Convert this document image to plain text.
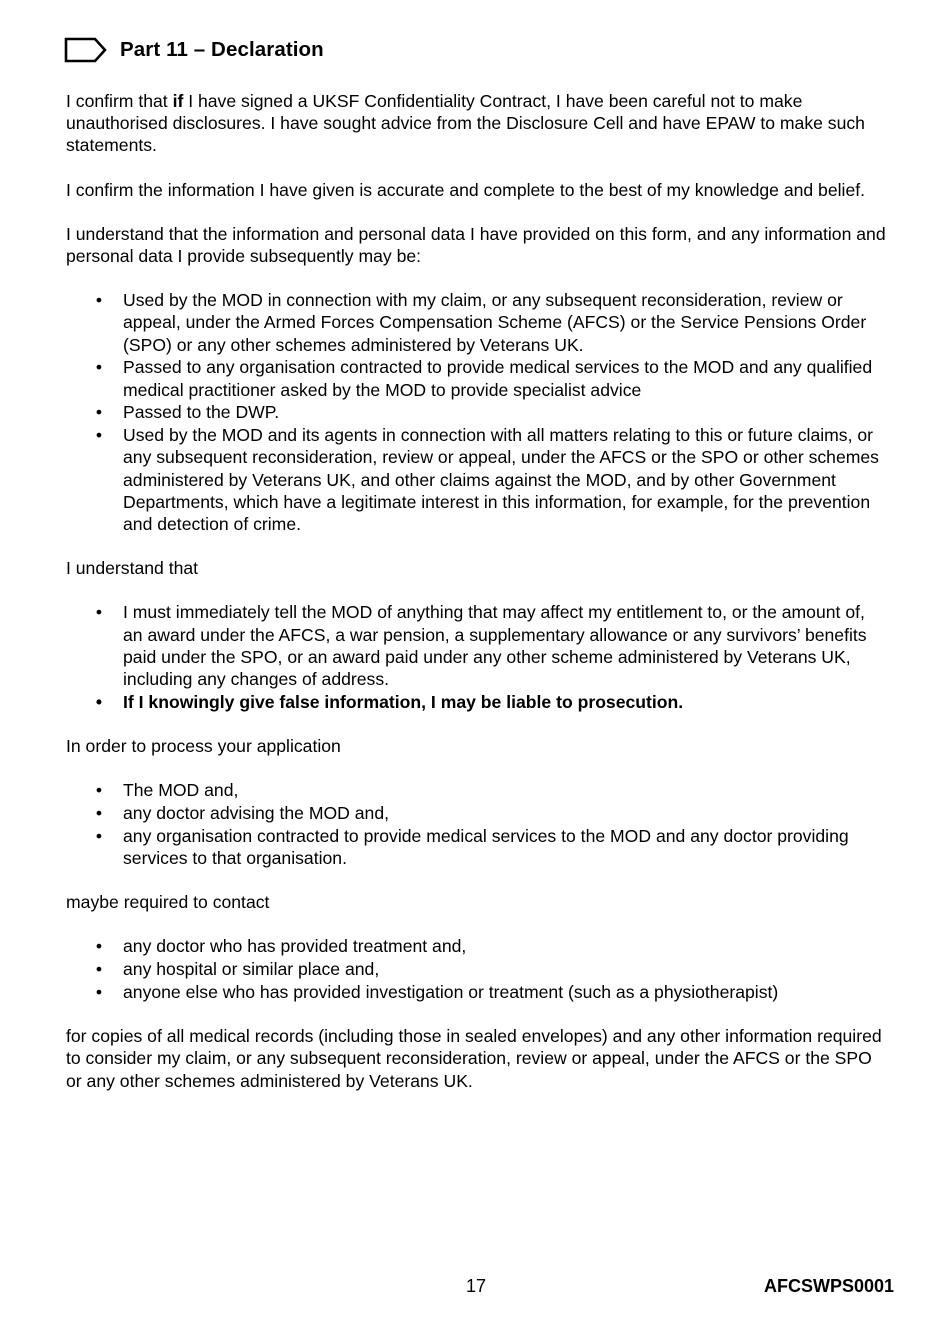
Part 11 – Declaration

I confirm that if I have signed a UKSF Confidentiality Contract, I have been careful not to make unauthorised disclosures. I have sought advice from the Disclosure Cell and have EPAW to make such statements.

I confirm the information I have given is accurate and complete to the best of my knowledge and belief.

I understand that the information and personal data I have provided on this form, and any information and personal data I provide subsequently may be:

• Used by the MOD in connection with my claim, or any subsequent reconsideration, review or appeal, under the Armed Forces Compensation Scheme (AFCS) or the Service Pensions Order (SPO) or any other schemes administered by Veterans UK.
• Passed to any organisation contracted to provide medical services to the MOD and any qualified medical practitioner asked by the MOD to provide specialist advice
• Passed to the DWP.
• Used by the MOD and its agents in connection with all matters relating to this or future claims, or any subsequent reconsideration, review or appeal, under the AFCS or the SPO or other schemes administered by Veterans UK, and other claims against the MOD, and by other Government Departments, which have a legitimate interest in this information, for example, for the prevention and detection of crime.

I understand that

• I must immediately tell the MOD of anything that may affect my entitlement to, or the amount of, an award under the AFCS, a war pension, a supplementary allowance or any survivors’ benefits paid under the SPO, or an award paid under any other scheme administered by Veterans UK, including any changes of address.
• If I knowingly give false information, I may be liable to prosecution.

In order to process your application

• The MOD and,
• any doctor advising the MOD and,
• any organisation contracted to provide medical services to the MOD and any doctor providing services to that organisation.

maybe required to contact

• any doctor who has provided treatment and,
• any hospital or similar place and,
• anyone else who has provided investigation or treatment (such as a physiotherapist)

for copies of all medical records (including those in sealed envelopes) and any other information required to consider my claim, or any subsequent reconsideration, review or appeal, under the AFCS or the SPO or any other schemes administered by Veterans UK.

17	AFCSWPS0001
